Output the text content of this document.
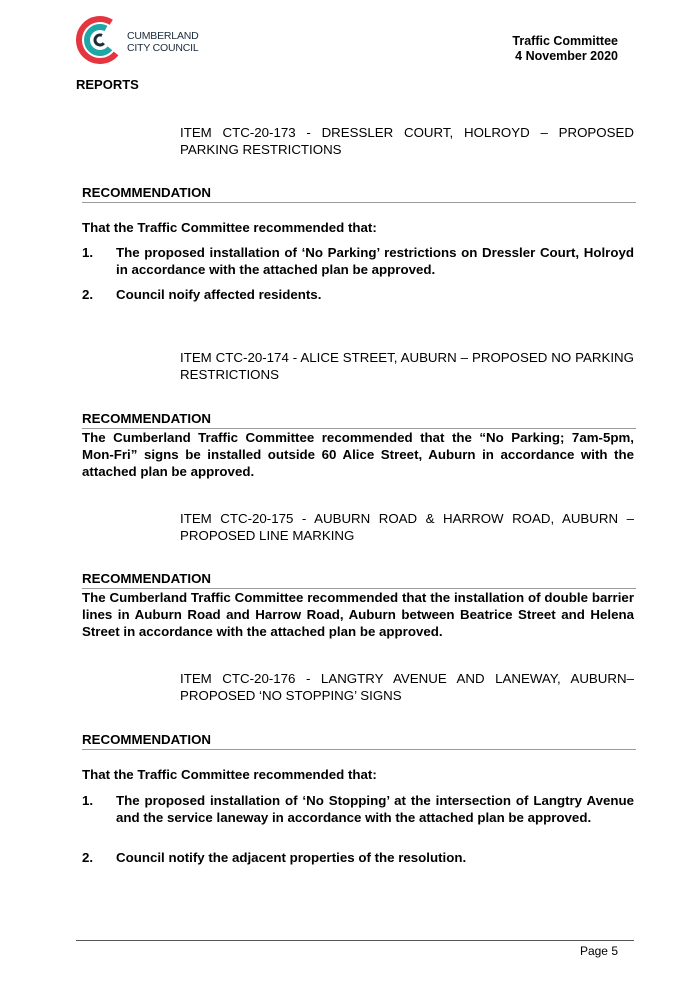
CUMBERLAND
CITY COUNCIL	Traffic Committee
4 November 2020
REPORTS
ITEM CTC-20-173 - DRESSLER COURT, HOLROYD – PROPOSED PARKING RESTRICTIONS
RECOMMENDATION
That the Traffic Committee recommended that:
1.	The proposed installation of ‘No Parking’ restrictions on Dressler Court, Holroyd in accordance with the attached plan be approved.
2.	Council noify affected residents.
ITEM CTC-20-174 - ALICE STREET, AUBURN – PROPOSED NO PARKING RESTRICTIONS
RECOMMENDATION
The Cumberland Traffic Committee recommended that the “No Parking; 7am-5pm, Mon-Fri” signs be installed outside 60 Alice Street, Auburn in accordance with the attached plan be approved.
ITEM CTC-20-175 - AUBURN ROAD & HARROW ROAD, AUBURN – PROPOSED LINE MARKING
RECOMMENDATION
The Cumberland Traffic Committee recommended that the installation of double barrier lines in Auburn Road and Harrow Road, Auburn between Beatrice Street and Helena Street in accordance with the attached plan be approved.
ITEM CTC-20-176 - LANGTRY AVENUE AND LANEWAY, AUBURN– PROPOSED ‘NO STOPPING’ SIGNS
RECOMMENDATION
That the Traffic Committee recommended that:
1.	The proposed installation of ‘No Stopping’ at the intersection of Langtry Avenue and the service laneway in accordance with the attached plan be approved.
2.	Council notify the adjacent properties of the resolution.
Page 5
